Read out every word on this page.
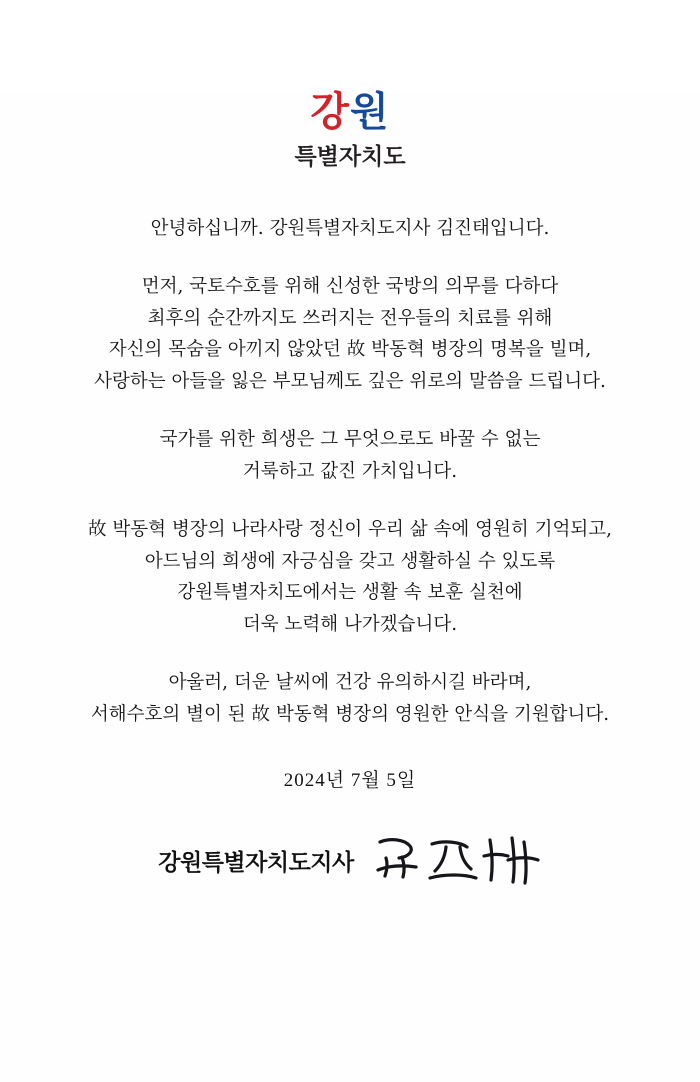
강 원
특별자치도

안녕하십니까. 강원특별자치도지사 김진태입니다.

먼저, 국토수호를 위해 신성한 국방의 의무를 다하다
최후의 순간까지도 쓰러지는 전우들의 치료를 위해
자신의 목숨을 아끼지 않았던 故 박동혁 병장의 명복을 빌며,
사랑하는 아들을 잃은 부모님께도 깊은 위로의 말씀을 드립니다.

국가를 위한 희생은 그 무엇으로도 바꿀 수 없는
거룩하고 값진 가치입니다.

故 박동혁 병장의 나라사랑 정신이 우리 삶 속에 영원히 기억되고,
아드님의 희생에 자긍심을 갖고 생활하실 수 있도록
강원특별자치도에서는 생활 속 보훈 실천에
더욱 노력해 나가겠습니다.

아울러, 더운 날씨에 건강 유의하시길 바라며,
서해수호의 별이 된 故 박동혁 병장의 영원한 안식을 기원합니다.

2024년 7월 5일
강원특별자치도지사
